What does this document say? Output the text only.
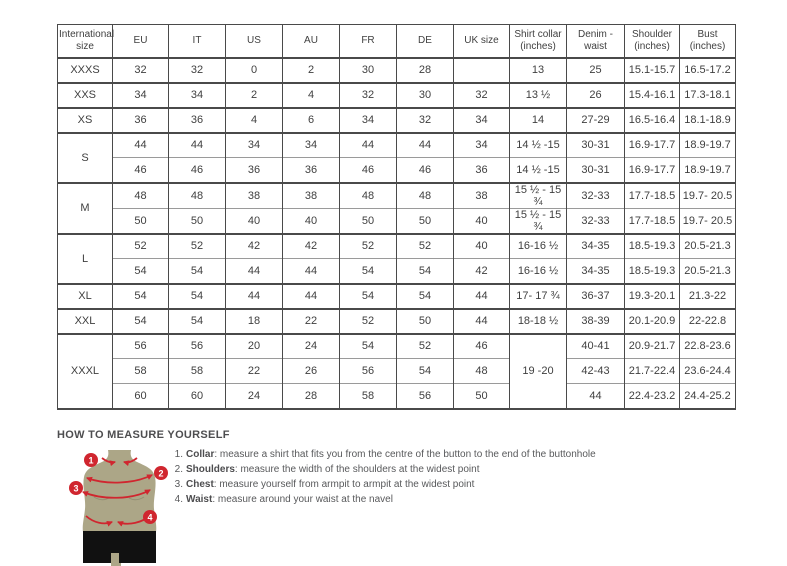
International size	EU	IT	US	AU	FR	DE	UK size	Shirt collar (inches)	Denim - waist	Shoulder (inches)	Bust (inches)
XXXS	32	32	0	2	30	28		13	25	15.1-15.7	16.5-17.2
XXS	34	34	2	4	32	30	32	13 ½	26	15.4-16.1	17.3-18.1
XS	36	36	4	6	34	32	34	14	27-29	16.5-16.4	18.1-18.9
S	44	44	34	34	44	44	34	14 ½ -15	30-31	16.9-17.7	18.9-19.7
	46	46	36	36	46	46	36	14 ½ -15	30-31	16.9-17.7	18.9-19.7
M	48	48	38	38	48	48	38	15 ½ - 15 ¾	32-33	17.7-18.5	19.7- 20.5
	50	50	40	40	50	50	40	15 ½ - 15 ¾	32-33	17.7-18.5	19.7- 20.5
L	52	52	42	42	52	52	40	16-16 ½	34-35	18.5-19.3	20.5-21.3
	54	54	44	44	54	54	42	16-16 ½	34-35	18.5-19.3	20.5-21.3
XL	54	54	44	44	54	54	44	17- 17 ¾	36-37	19.3-20.1	21.3-22
XXL	54	54	18	22	52	50	44	18-18 ½	38-39	20.1-20.9	22-22.8
XXXL	56	56	20	24	54	52	46	19 -20	40-41	20.9-21.7	22.8-23.6
	58	58	22	26	56	54	48		42-43	21.7-22.4	23.6-24.4
	60	60	24	28	58	56	50		44	22.4-23.2	24.4-25.2
HOW TO MEASURE YOURSELF
1. Collar: measure a shirt that fits you from the centre of the button to the end of the buttonhole
2. Shoulders: measure the width of the shoulders at the widest point
3. Chest: measure yourself from armpit to armpit at the widest point
4. Waist: measure around your waist at the navel
1
2
3
4
